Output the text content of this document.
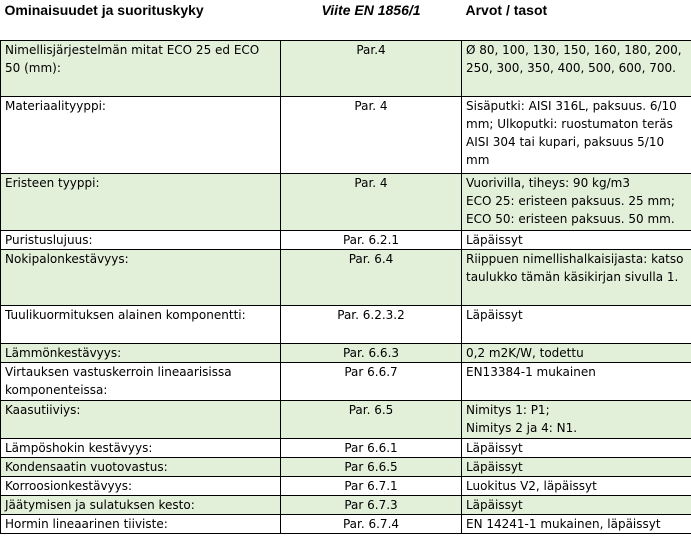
Ominaisuudet ja suorituskyky	Viite EN 1856/1	Arvot / tasot
Nimellisjärjestelmän mitat ECO 25 ed ECO 50 (mm):	Par.4	Ø 80, 100, 130, 150, 160, 180, 200, 250, 300, 350, 400, 500, 600, 700.
Materiaalityyppi:	Par. 4	Sisäputki: AISI 316L, paksuus. 6/10 mm; Ulkoputki: ruostumaton teräs AISI 304 tai kupari, paksuus 5/10 mm
Eristeen tyyppi:	Par. 4	Vuorivilla, tiheys: 90 kg/m3
ECO 25: eristeen paksuus. 25 mm;
ECO 50: eristeen paksuus. 50 mm.
Puristuslujuus:	Par. 6.2.1	Läpäissyt
Nokipalonkestävyys:	Par. 6.4	Riippuen nimellishalkaisijasta: katso taulukko tämän käsikirjan sivulla 1.
Tuulikuormituksen alainen komponentti:	Par. 6.2.3.2	Läpäissyt
Lämmönkestävyys:	Par. 6.6.3	0,2 m2K/W, todettu
Virtauksen vastuskerroin lineaarisissa komponenteissa:	Par 6.6.7	EN13384-1 mukainen
Kaasutiiviys:	Par. 6.5	Nimitys 1: P1;
Nimitys 2 ja 4: N1.
Lämpöshokin kestävyys:	Par 6.6.1	Läpäissyt
Kondensaatin vuotovastus:	Par 6.6.5	Läpäissyt
Korroosionkestävyys:	Par 6.7.1	Luokitus V2, läpäissyt
Jäätymisen ja sulatuksen kesto:	Par 6.7.3	Läpäissyt
Hormin lineaarinen tiiviste:	Par. 6.7.4	EN 14241-1 mukainen, läpäissyt
